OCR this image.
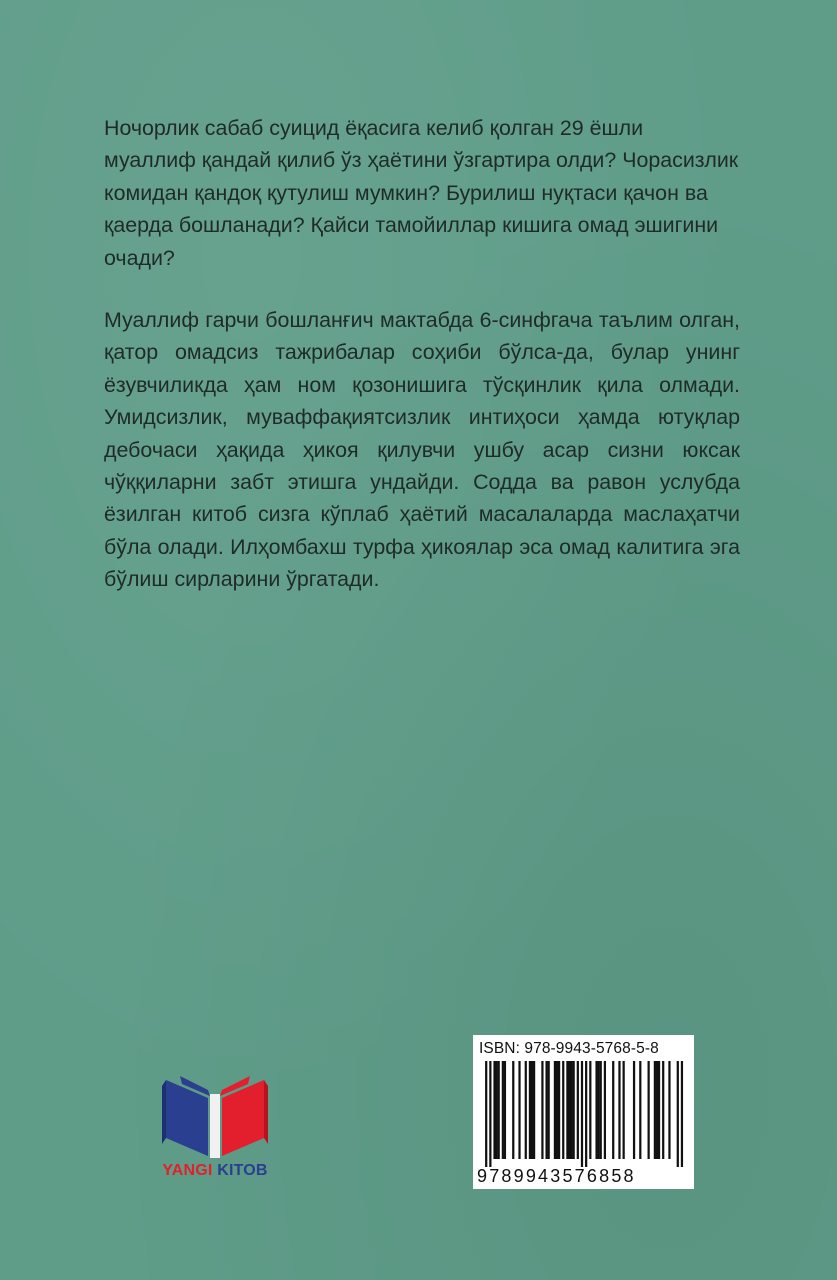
Ночорлик сабаб суицид ёқасига келиб қолган 29 ёшли муаллиф қандай қилиб ўз ҳаётини ўзгартира олди? Чорасизлик комидан қандоқ қутулиш мумкин? Бурилиш нуқтаси қачон ва қаерда бошланади? Қайси тамойиллар кишига омад эшигини очади?

Муаллиф гарчи бошланғич мактабда 6-синфгача таълим олган, қатор омадсиз тажрибалар соҳиби бўлса-да, булар унинг ёзувчиликда ҳам ном қозонишига тўсқинлик қила олмади. Умидсизлик, муваффақиятсизлик интиҳоси ҳамда ютуқлар дебочаси ҳақида ҳикоя қилувчи ушбу асар сизни юксак чўққиларни забт этишга ундайди. Содда ва равон услубда ёзилган китоб сизга кўплаб ҳаётий масалаларда маслаҳатчи бўла олади. Илҳомбахш турфа ҳикоялар эса омад калитига эга бўлиш сирларини ўргатади.

YANGI KITOB
ISBN: 978-9943-5768-5-8
9789943576858
